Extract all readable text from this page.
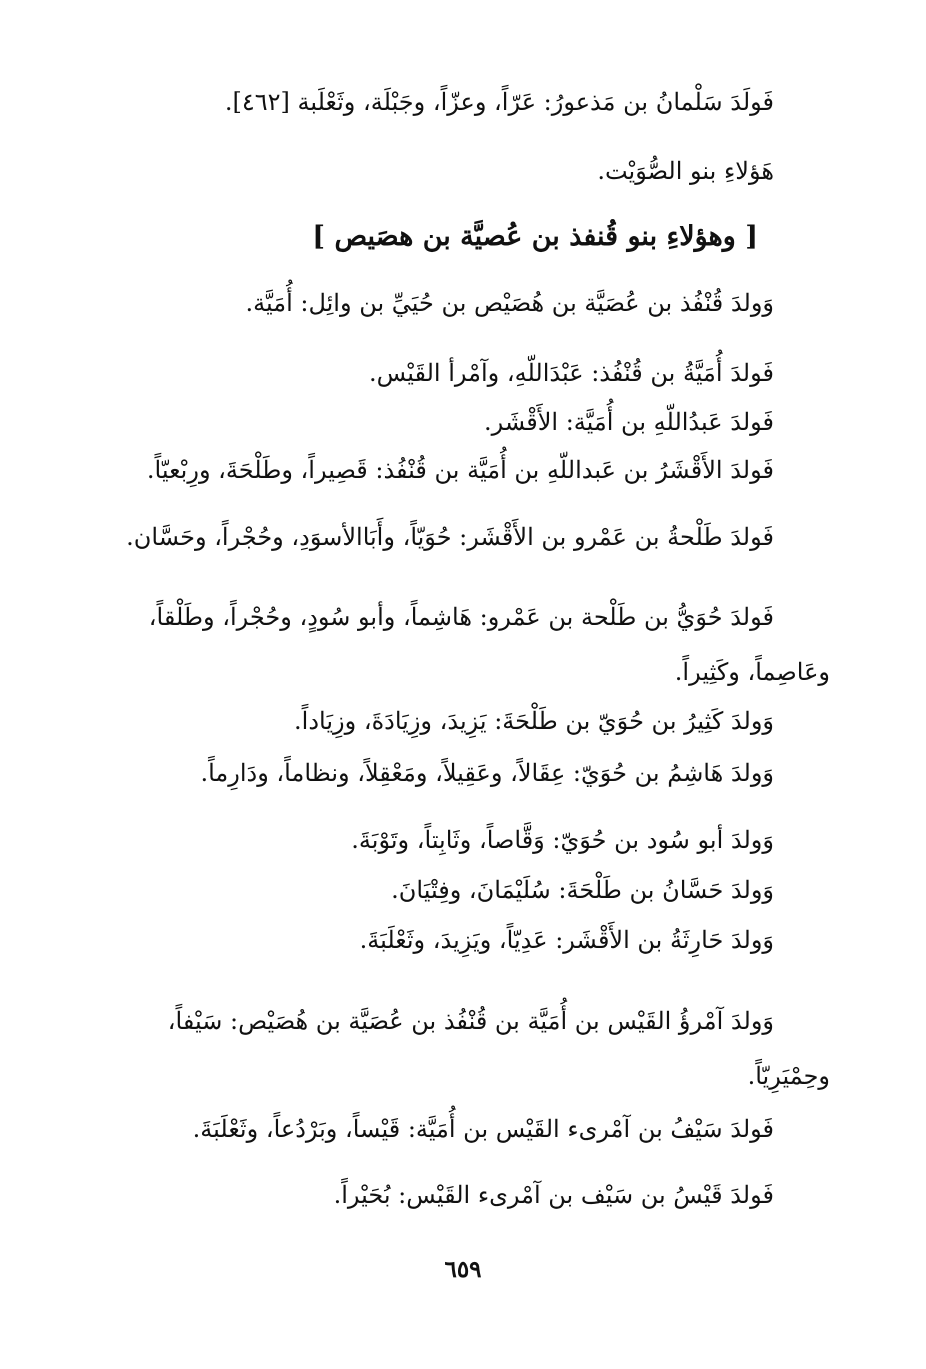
فَولَدَ سَلْمانُ بن مَذعورُ: عَرّاً، وعزّاً، وجَبْلَة، وثَعْلَبة [٤٦٢].
هَؤلاءِ بنو الصُّوَيْت.
[ وهؤلاءِ بنو قُنفذ بن عُصيَّة بن هصَيص ]
وَولدَ قُنْفُذ بن عُصَيَّة بن هُصَيْص بن حُيَيِّ بن وائِل: أُمَيَّة.
فَولدَ أُمَيَّةُ بن قُنْفُذ: عَبْدَاللّهِ، وآمْرأ القَيْس.
فَولدَ عَبدُاللّهِ بن أُمَيَّة: الأَقْشَر.
فَولدَ الأَقْشَرُ بن عَبداللّهِ بن أُمَيَّة بن قُنْفُذ: قَصِيراً، وطَلْحَةَ، ورِبْعيّاً.
فَولدَ طَلْحةُ بن عَمْرو بن الأَقْشَر: حُوَيّاً، وأَبَاالأسوَدِ، وحُجْراً، وحَسَّان.
فَولدَ حُوَيُّ بن طَلْحة بن عَمْرو: هَاشِماً، وأبو سُودٍ، وحُجْراً، وطَلْقاً، وعَاصِماً، وكَثِيراً.
وَولدَ كَثِيرُ بن حُوَيّ بن طَلْحَةَ: يَزِيدَ، وزِيَادَةَ، وزِيَاداً.
وَولدَ هَاشِمُ بن حُوَيّ: عِقَالاً، وعَقِيلاً، ومَعْقِلاً، ونظاماً، ودَارِماً.
وَولدَ أبو سُود بن حُوَيّ: وَقَّاصاً، وثَابِتاً، وتَوْبَةَ.
وَولدَ حَسَّانُ بن طَلْحَةَ: سُلَيْمَانَ، وفِتْيَانَ.
وَولدَ حَارِثَةُ بن الأَقْشَر: عَدِيّاً، ويَزِيدَ، وثَعْلَبَةَ.
وَولدَ آمْرؤُ القَيْس بن أُمَيَّة بن قُنْفُذ بن عُصَيَّة بن هُصَيْص: سَيْفاً، وحِمْيَرِيّاً.
فَولدَ سَيْفُ بن آمْرىء القَيْس بن أُمَيَّة: قَيْساً، وبَرْدُعاً، وثَعْلَبَةَ.
فَولدَ قَيْسُ بن سَيْف بن آمْرىء القَيْس: بُحَيْراً.
٦٥٩
